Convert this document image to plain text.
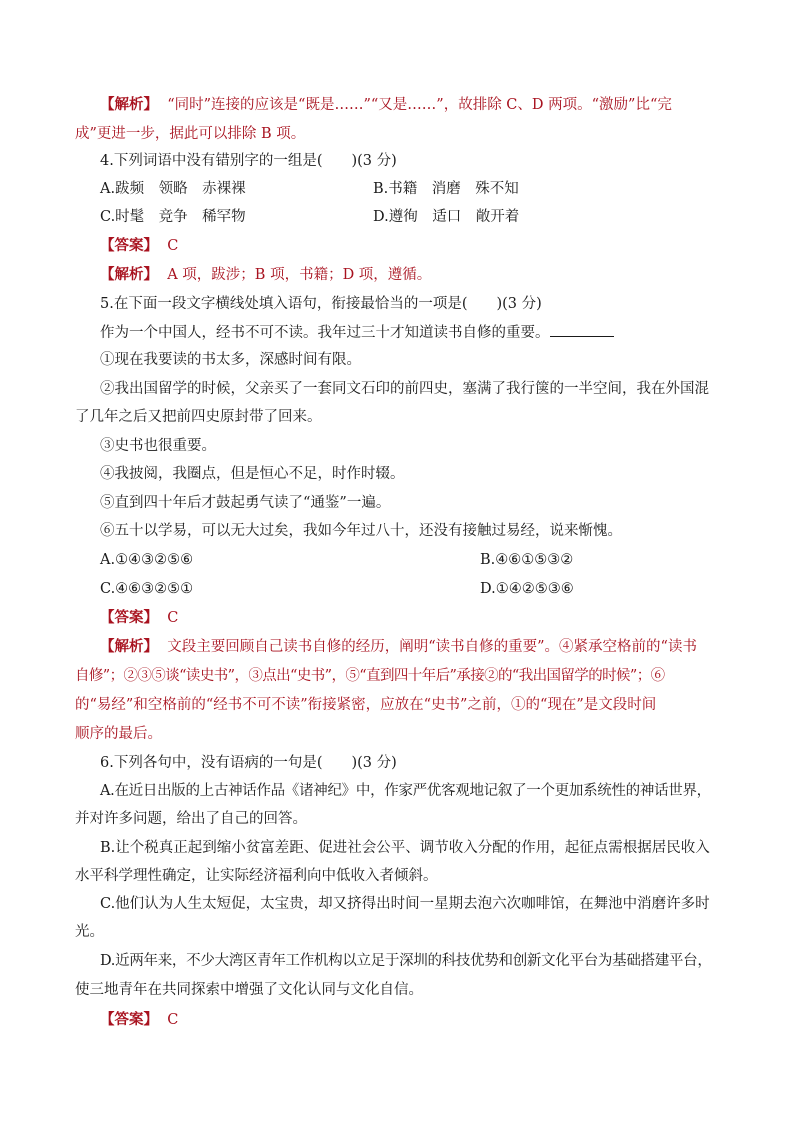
【解析】 “同时”连接的应该是“既是……”“又是……”，故排除 C、D 两项。“激励”比“完
成”更进一步，据此可以排除 B 项。
4.下列词语中没有错别字的一组是(　　)(3 分)
A.跋频　领略　赤裸裸	B.书籍　消磨　殊不知
C.时髦　竞争　稀罕物	D.遵徇　适口　敞开着
【答案】 C
【解析】 A 项，跋涉；B 项，书籍；D 项，遵循。
5.在下面一段文字横线处填入语句，衔接最恰当的一项是(　　)(3 分)
作为一个中国人，经书不可不读。我年过三十才知道读书自修的重要。
①现在我要读的书太多，深感时间有限。
②我出国留学的时候，父亲买了一套同文石印的前四史，塞满了我行箧的一半空间，我在外国混
了几年之后又把前四史原封带了回来。
③史书也很重要。
④我披阅，我圈点，但是恒心不足，时作时辍。
⑤直到四十年后才鼓起勇气读了“通鉴”一遍。
⑥五十以学易，可以无大过矣，我如今年过八十，还没有接触过易经，说来惭愧。
A.①④③②⑤⑥	B.④⑥①⑤③②
C.④⑥③②⑤①	D.①④②⑤③⑥
【答案】 C
【解析】 文段主要回顾自己读书自修的经历，阐明“读书自修的重要”。④紧承空格前的“读书
自修”；②③⑤谈“读史书”，③点出“史书”，⑤“直到四十年后”承接②的“我出国留学的时候”；⑥
的“易经”和空格前的“经书不可不读”衔接紧密，应放在“史书”之前，①的“现在”是文段时间
顺序的最后。
6.下列各句中，没有语病的一句是(　　)(3 分)
A.在近日出版的上古神话作品《诸神纪》中，作家严优客观地记叙了一个更加系统性的神话世界，
并对许多问题，给出了自己的回答。
B.让个税真正起到缩小贫富差距、促进社会公平、调节收入分配的作用，起征点需根据居民收入
水平科学理性确定，让实际经济福利向中低收入者倾斜。
C.他们认为人生太短促，太宝贵，却又挤得出时间一星期去泡六次咖啡馆，在舞池中消磨许多时
光。
D.近两年来，不少大湾区青年工作机构以立足于深圳的科技优势和创新文化平台为基础搭建平台，
使三地青年在共同探索中增强了文化认同与文化自信。
【答案】 C
